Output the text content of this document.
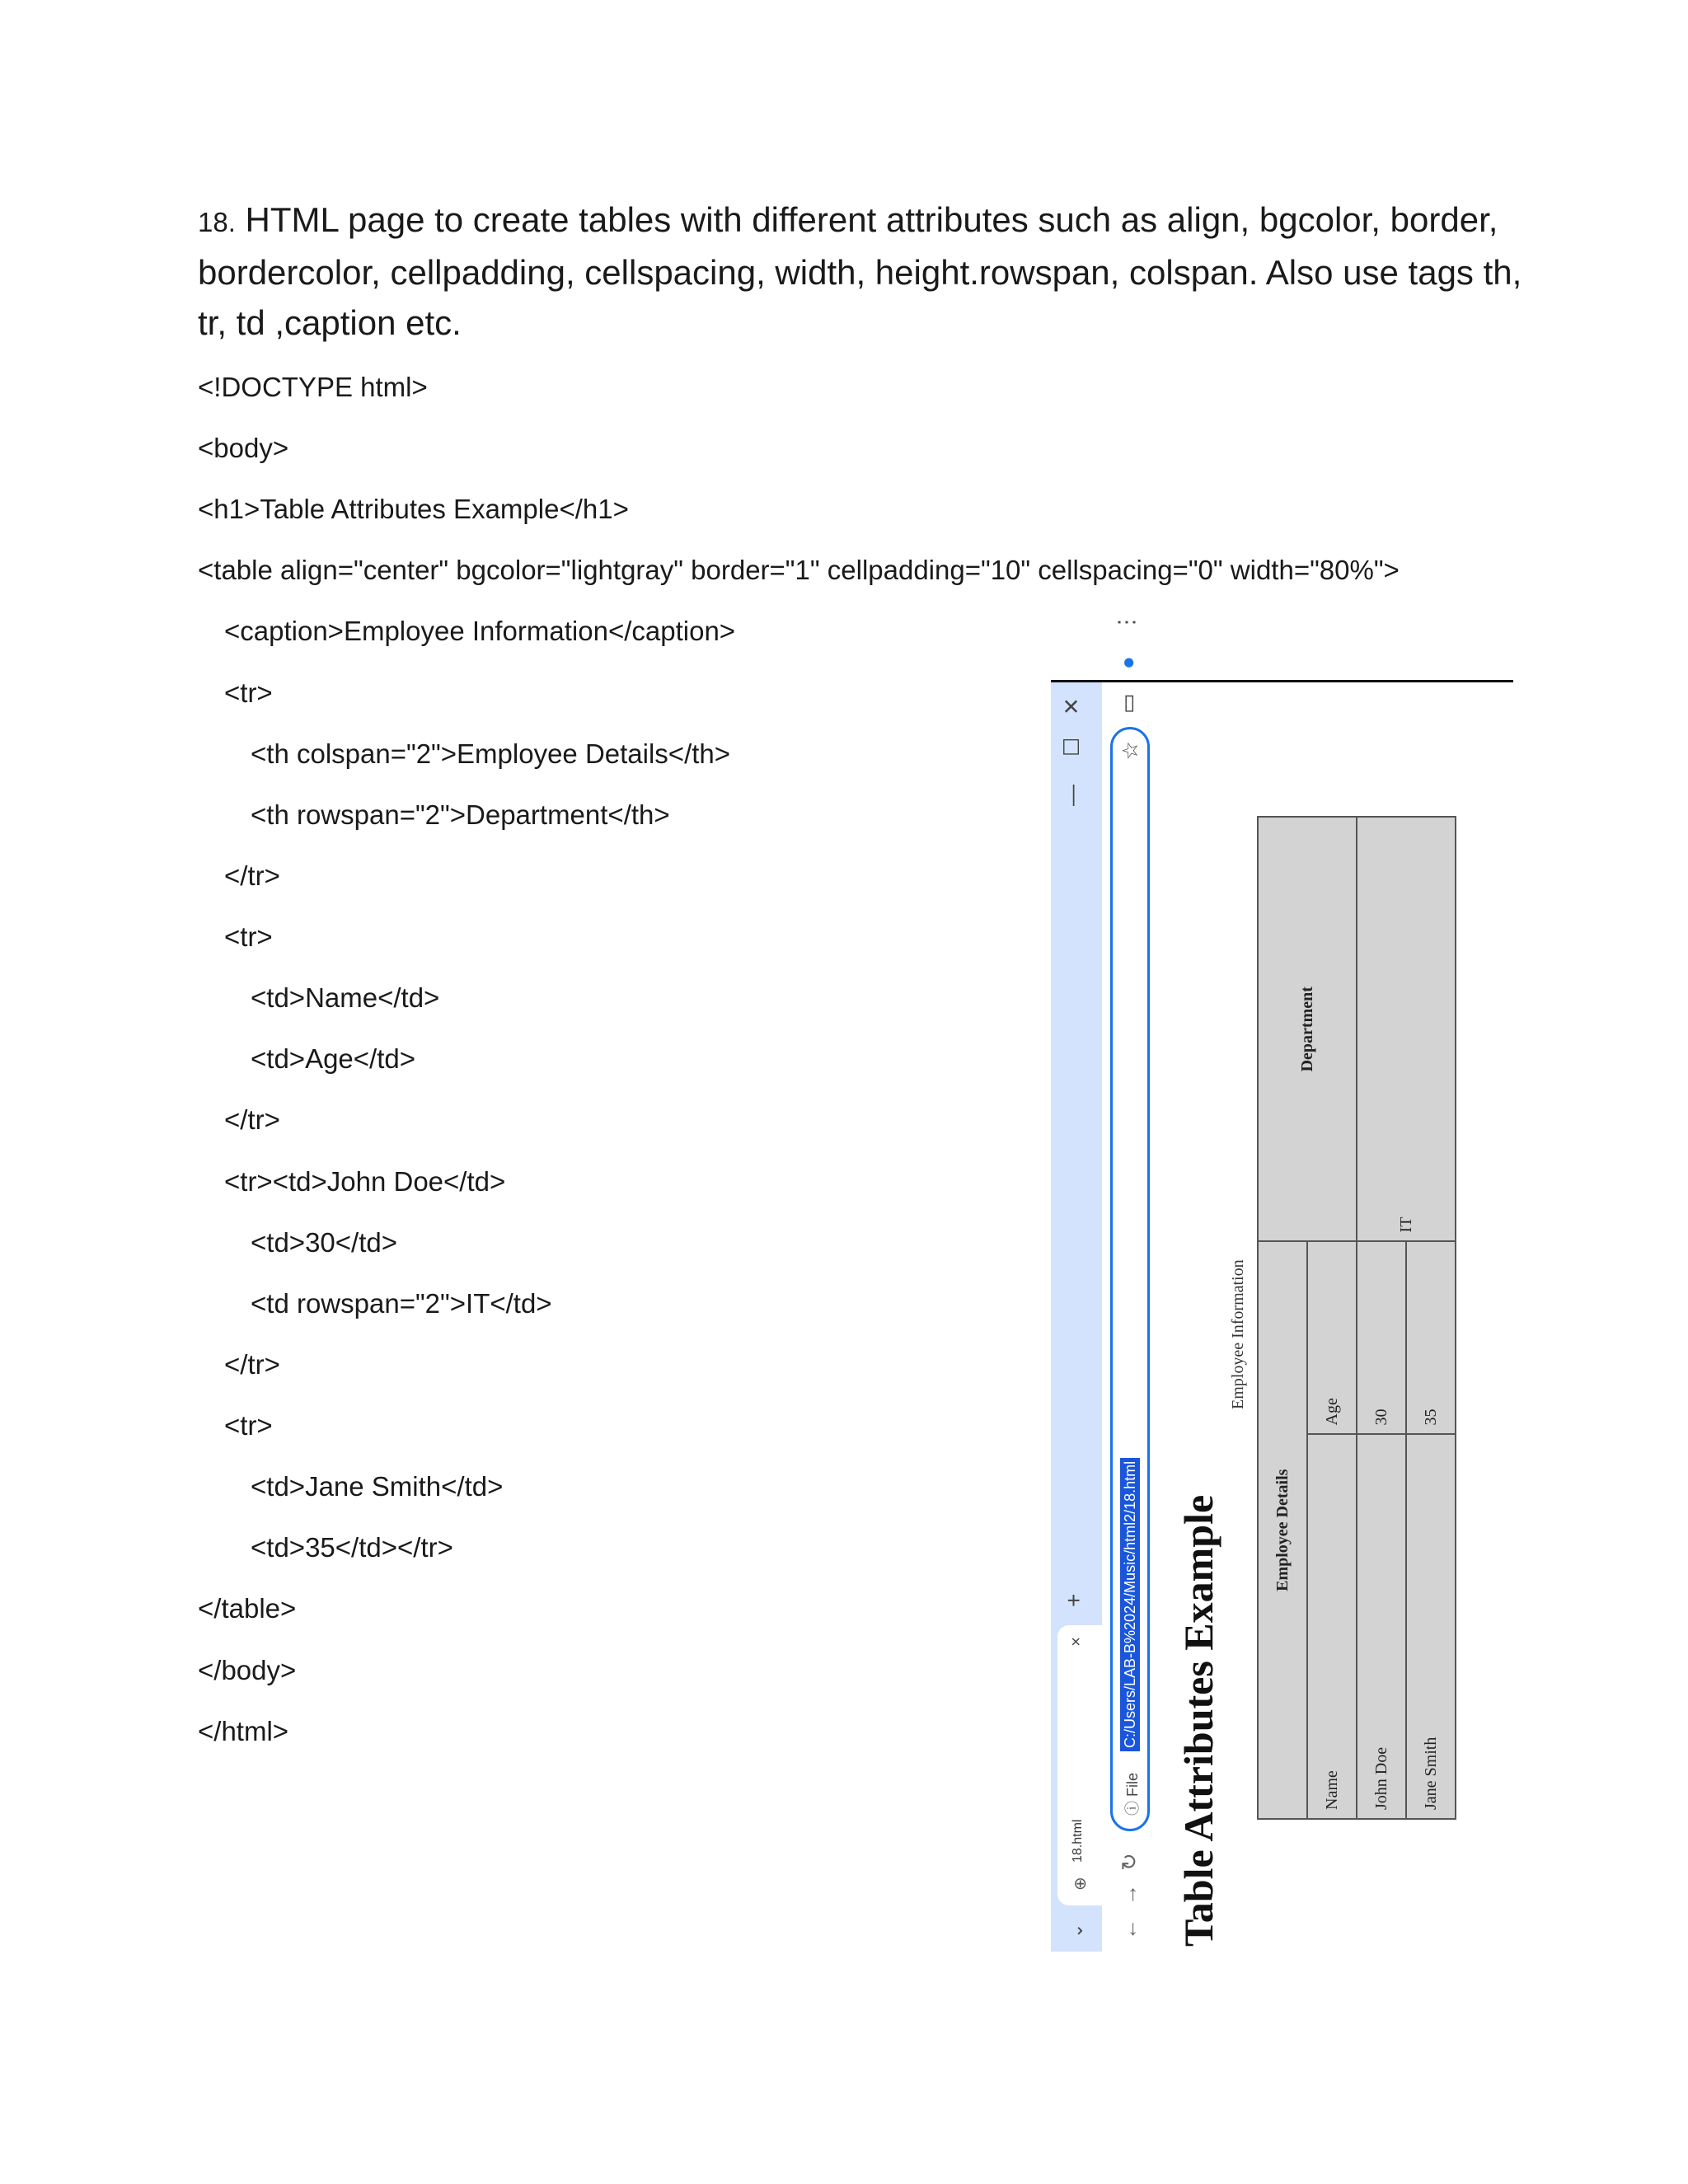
18. HTML page to create tables with different attributes such as align, bgcolor, border, bordercolor, cellpadding, cellspacing, width, height.rowspan, colspan. Also use tags th, tr, td ,caption etc.
<!DOCTYPE html>
<body>
<h1>Table Attributes Example</h1>
<table align="center" bgcolor="lightgray" border="1" cellpadding="10" cellspacing="0" width="80%">
<caption>Employee Information</caption>
<tr>
<th colspan="2">Employee Details</th>
<th rowspan="2">Department</th>
</tr>
<tr>
<td>Name</td>
<td>Age</td>
</tr>
<tr><td>John Doe</td>
<td>30</td>
<td rowspan="2">IT</td>
</tr>
<tr>
<td>Jane Smith</td>
<td>35</td></tr>
</table>
</body>
</html>
⌄
⊕
18.html
×
+
—
☐
✕
←
→
↻
ⓘ File
C:/Users/LAB-B%2024/Music/html2/18.html
☆
▭
●
⋮
Table Attributes Example
Employee Information
Employee Details		Department
Name	Age	
John Doe	30	IT
Jane Smith	35	
